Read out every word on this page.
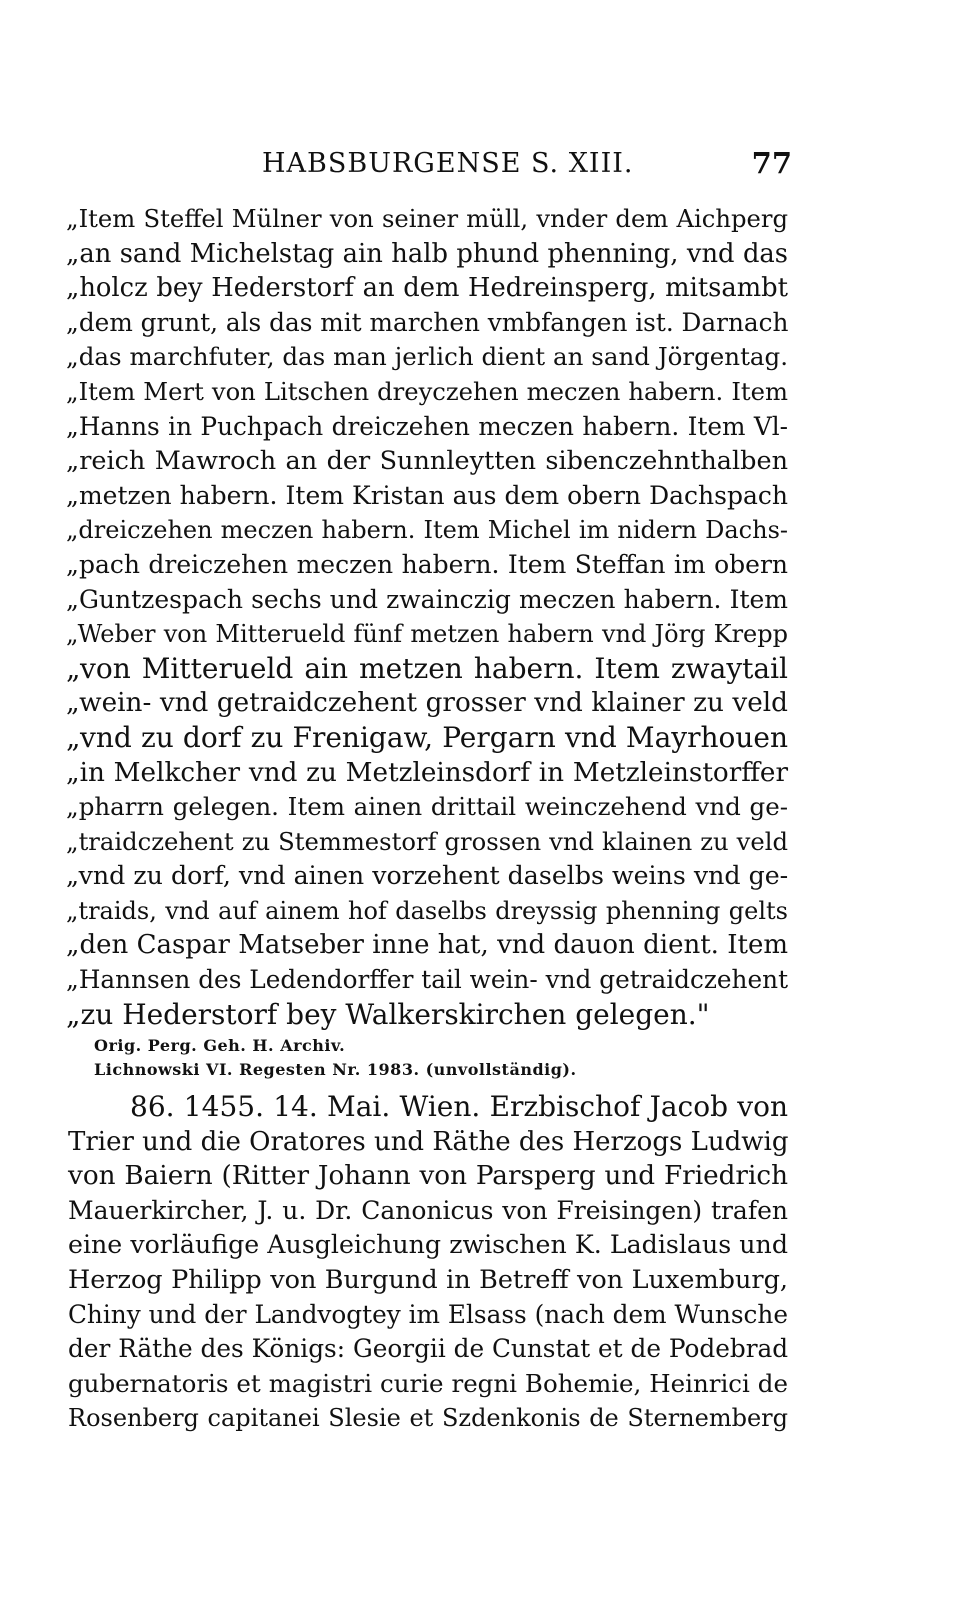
HABSBURGENSE S. XIII.	77
„Item Steffel Mülner von seiner müll, vnder dem Aichperg
„an sand Michelstag ain halb phund phenning, vnd das
„holcz bey Hederstorf an dem Hedreinsperg, mitsambt
„dem grunt, als das mit marchen vmbfangen ist. Darnach
„das marchfuter, das man jerlich dient an sand Jörgentag.
„Item Mert von Litschen dreyczehen meczen habern. Item
„Hanns in Puchpach dreiczehen meczen habern. Item Vl-
„reich Mawroch an der Sunnleytten sibenczehnthalben
„metzen habern. Item Kristan aus dem obern Dachspach
„dreiczehen meczen habern. Item Michel im nidern Dachs-
„pach dreiczehen meczen habern. Item Steffan im obern
„Guntzespach sechs und zwainczig meczen habern. Item
„Weber von Mitterueld fünf metzen habern vnd Jörg Krepp
„von Mitterueld ain metzen habern. Item zwaytail
„wein- vnd getraidczehent grosser vnd klainer zu veld
„vnd zu dorf zu Frenigaw, Pergarn vnd Mayrhouen
„in Melkcher vnd zu Metzleinsdorf in Metzleinstorffer
„pharrn gelegen. Item ainen drittail weinczehend vnd ge-
„traidczehent zu Stemmestorf grossen vnd klainen zu veld
„vnd zu dorf, vnd ainen vorzehent daselbs weins vnd ge-
„traids, vnd auf ainem hof daselbs dreyssig phenning gelts
„den Caspar Matseber inne hat, vnd dauon dient. Item
„Hannsen des Ledendorffer tail wein- vnd getraidczehent
„zu Hederstorf bey Walkerskirchen gelegen."
Orig. Perg. Geh. H. Archiv.
Lichnowski VI. Regesten Nr. 1983. (unvollständig).
86. 1455. 14. Mai. Wien. Erzbischof Jacob von
Trier und die Oratores und Räthe des Herzogs Ludwig
von Baiern (Ritter Johann von Parsperg und Friedrich
Mauerkircher, J. u. Dr. Canonicus von Freisingen) trafen
eine vorläufige Ausgleichung zwischen K. Ladislaus und
Herzog Philipp von Burgund in Betreff von Luxemburg,
Chiny und der Landvogtey im Elsass (nach dem Wunsche
der Räthe des Königs: Georgii de Cunstat et de Podebrad
gubernatoris et magistri curie regni Bohemie, Heinrici de
Rosenberg capitanei Slesie et Szdenkonis de Sternemberg
